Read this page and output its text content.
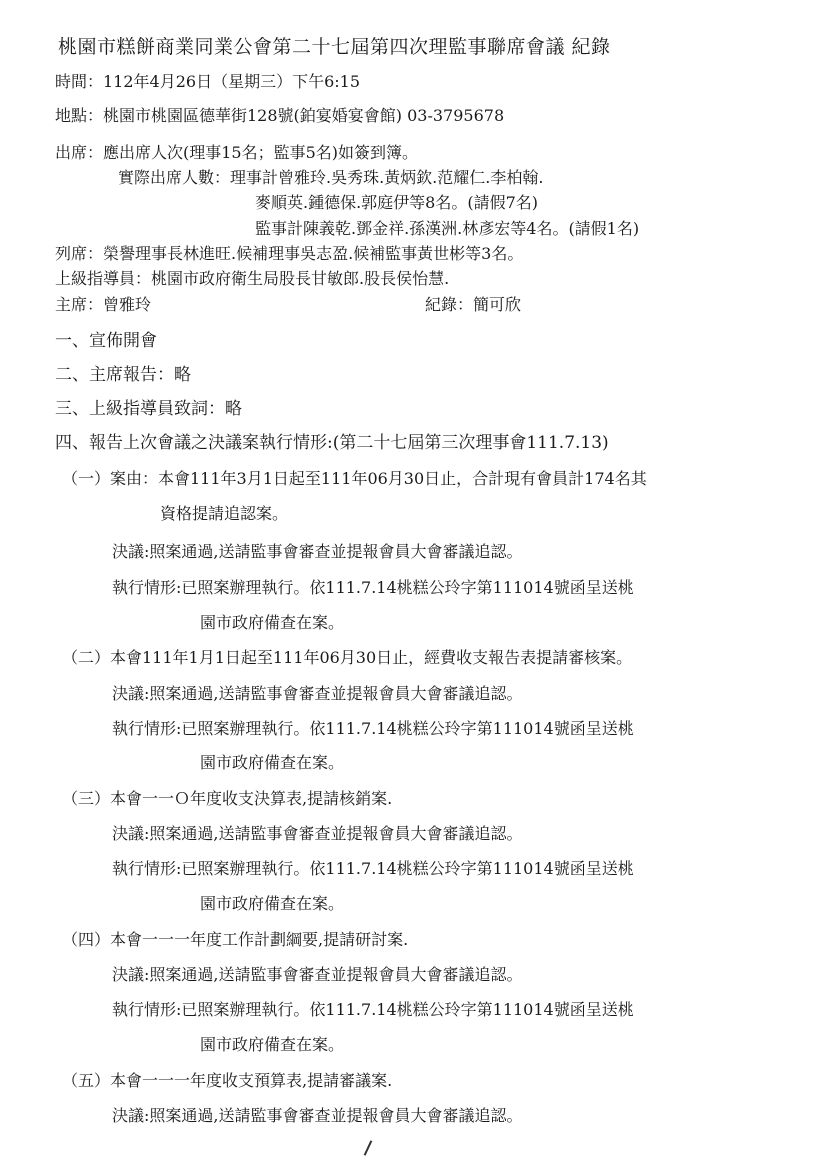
桃園市糕餅商業同業公會第二十七屆第四次理監事聯席會議 紀錄
時間：112年4月26日（星期三）下午6:15
地點：桃園市桃園區德華街128號(鉑宴婚宴會館) 03-3795678
出席：應出席人次(理事15名；監事5名)如簽到簿。
實際出席人數：理事計曾雅玲.吳秀珠.黃炳欽.范耀仁.李柏翰.
麥順英.鍾德保.郭庭伊等8名。(請假7名)
監事計陳義乾.鄧金祥.孫漢洲.林彥宏等4名。(請假1名)
列席：榮譽理事長林進旺.候補理事吳志盈.候補監事黃世彬等3名。
上級指導員：桃園市政府衛生局股長甘敏郎.股長侯怡慧.
主席：曾雅玲	紀錄：簡可欣
一、宣佈開會
二、主席報告：略
三、上級指導員致詞：略
四、報告上次會議之決議案執行情形:(第二十七屆第三次理事會111.7.13)
（一）案由：本會111年3月1日起至111年06月30日止，合計現有會員計174名其
資格提請追認案。
決議:照案通過,送請監事會審查並提報會員大會審議追認。
執行情形:已照案辦理執行。依111.7.14桃糕公玲字第111014號函呈送桃
園市政府備查在案。
（二）本會111年1月1日起至111年06月30日止，經費收支報告表提請審核案。
決議:照案通過,送請監事會審查並提報會員大會審議追認。
執行情形:已照案辦理執行。依111.7.14桃糕公玲字第111014號函呈送桃
園市政府備查在案。
（三）本會一一Ｏ年度收支決算表,提請核銷案.
決議:照案通過,送請監事會審查並提報會員大會審議追認。
執行情形:已照案辦理執行。依111.7.14桃糕公玲字第111014號函呈送桃
園市政府備查在案。
（四）本會一一一年度工作計劃綱要,提請研討案.
決議:照案通過,送請監事會審查並提報會員大會審議追認。
執行情形:已照案辦理執行。依111.7.14桃糕公玲字第111014號函呈送桃
園市政府備查在案。
（五）本會一一一年度收支預算表,提請審議案.
決議:照案通過,送請監事會審查並提報會員大會審議追認。
